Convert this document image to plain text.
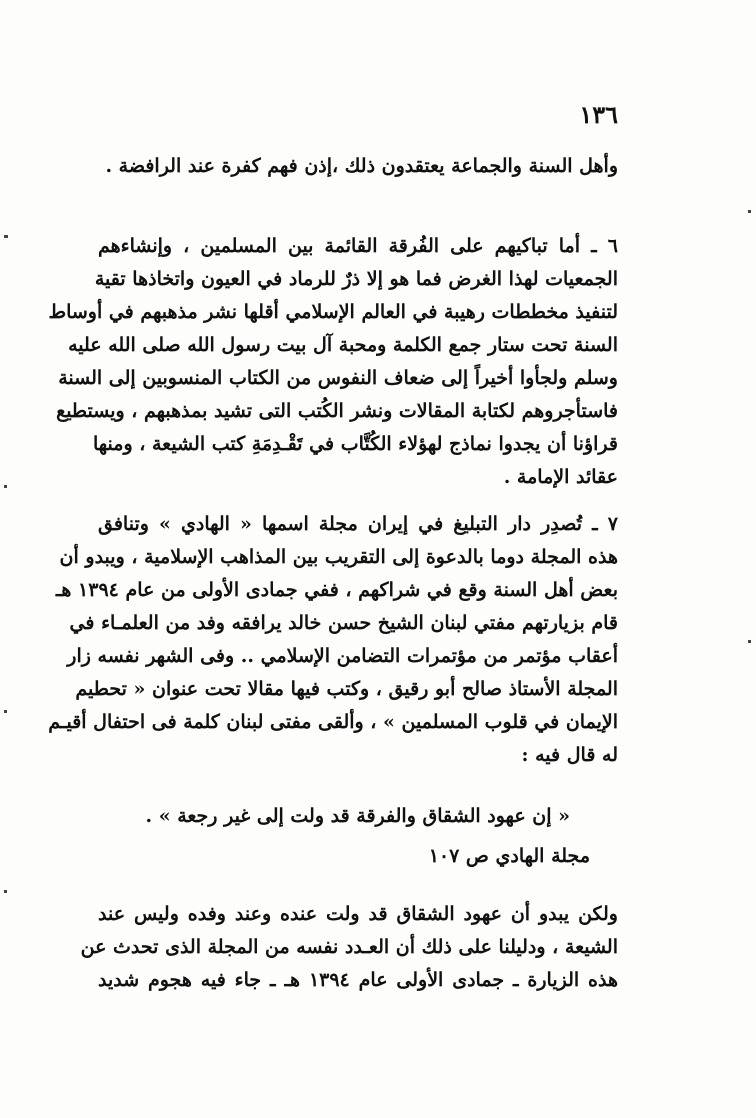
١٣٦
وأهل السنة والجماعة يعتقدون ذلك ،إذن فهم كفرة عند الرافضة .
٦ ـ أما تباكيهم على الفُرقة القائمة بين المسلمين ، وإنشاءهم
الجمعيات لهذا الغرض فما هو إلا ذرٌ للرماد في العيون واتخاذها تقية
لتنفيذ مخططات رهيبة في العالم الإسلامي أقلها نشر مذهبهم في أوساط
السنة تحت ستار جمع الكلمة ومحبة آل بيت رسول الله صلى الله عليه
وسلم ولجأوا أخيراً إلى ضعاف النفوس من الكتاب المنسوبين إلى السنة
فاستأجروهم لكتابة المقالات ونشر الكُتب التى تشيد بمذهبهم ، ويستطيع
قراؤنا أن يجدوا نماذج لهؤلاء الكُتَّاب في تَقْـدِمَةِ كتب الشيعة ، ومنها
عقائد الإمامة .
٧ ـ تُصدِر دار التبليغ في إيران مجلة اسمها « الهادي » وتنافق
هذه المجلة دوما بالدعوة إلى التقريب بين المذاهب الإسلامية ، ويبدو أن
بعض أهل السنة وقع في شراكهم ، ففي جمادى الأولى من عام ١٣٩٤ هـ
قام بزيارتهم مفتي لبنان الشيخ حسن خالد يرافقه وفد من العلمـاء في
أعقاب مؤتمر من مؤتمرات التضامن الإسلامي .. وفى الشهر نفسه زار
المجلة الأستاذ صالح أبو رقيق ، وكتب فيها مقالا تحت عنوان « تحطيم
الإيمان في قلوب المسلمين » ، وألقى مفتى لبنان كلمة فى احتفال أقيـم
له قال فيه :
« إن عهود الشقاق والفرقة قد ولت إلى غير رجعة » .
مجلة الهادي ص ١٠٧
ولكن يبدو أن عهود الشقاق قد ولت عنده وعند وفده وليس عند
الشيعة ، ودليلنا على ذلك أن العـدد نفسه من المجلة الذى تحدث عن
هذه الزيارة ـ جمادى الأولى عام ١٣٩٤ هـ ـ جاء فيه هجوم شديد
